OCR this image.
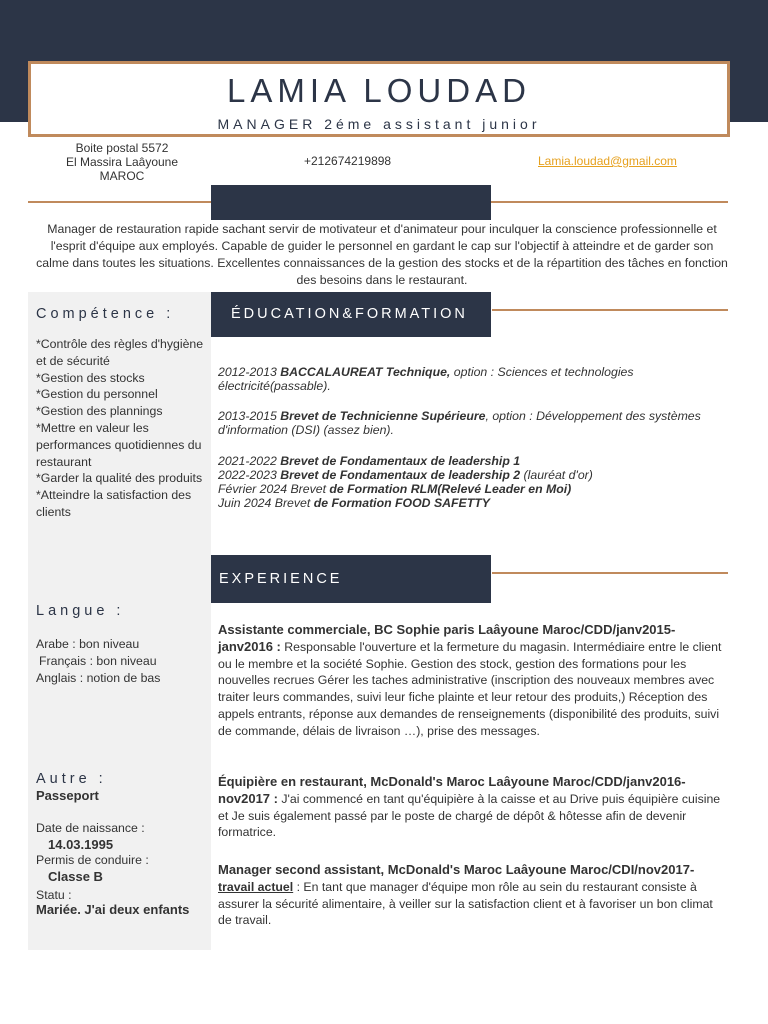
LAMIA LOUDAD
MANAGER 2éme assistant junior
Boite postal 5572
El Massira Laâyoune
MAROC
+212674219898	Lamia.loudad@gmail.com
Manager de restauration rapide sachant servir de motivateur et d'animateur pour inculquer la conscience professionnelle et l'esprit d'équipe aux employés. Capable de guider le personnel en gardant le cap sur l'objectif à atteindre et de garder son calme dans toutes les situations. Excellentes connaissances de la gestion des stocks et de la répartition des tâches en fonction des besoins dans le restaurant.
Compétence :
*Contrôle des règles d'hygiène et de sécurité
*Gestion des stocks
*Gestion du personnel
*Gestion des plannings
*Mettre en valeur les performances quotidiennes du restaurant
*Garder la qualité des produits
*Atteindre la satisfaction des clients
Langue :
Arabe : bon niveau
Français : bon niveau
Anglais : notion de bas
Autre :
Passeport
Date de naissance :
14.03.1995
Permis de conduire :
Classe B
Statu :
Mariée. J'ai deux enfants
ÉDUCATION&FORMATION
2012-2013 BACCALAUREAT Technique, option : Sciences et technologies électricité(passable).
2013-2015 Brevet de Technicienne Supérieure, option : Développement des systèmes d'information (DSI) (assez bien).
2021-2022 Brevet de Fondamentaux de leadership 1
2022-2023 Brevet de Fondamentaux de leadership 2 (lauréat d'or)
Février 2024 Brevet de Formation RLM(Relevé Leader en Moi)
Juin 2024 Brevet de Formation FOOD SAFETTY
EXPERIENCE
Assistante commerciale, BC Sophie paris Laâyoune Maroc/CDD/janv2015-janv2016 : Responsable l'ouverture et la fermeture du magasin. Intermédiaire entre le client ou le membre et la société Sophie. Gestion des stock, gestion des formations pour les nouvelles recrues Gérer les taches administrative (inscription des nouveaux membres avec traiter leurs commandes, suivi leur fiche plainte et leur retour des produits,) Réception des appels entrants, réponse aux demandes de renseignements (disponibilité des produits, suivi de commande, délais de livraison …), prise des messages.
Équipière en restaurant, McDonald's Maroc Laâyoune Maroc/CDD/janv2016-nov2017 : J'ai commencé en tant qu'équipière à la caisse et au Drive puis équipière cuisine et Je suis également passé par le poste de chargé de dépôt & hôtesse afin de devenir formatrice.
Manager second assistant, McDonald's Maroc Laâyoune Maroc/CDI/nov2017-travail actuel : En tant que manager d'équipe mon rôle au sein du restaurant consiste à assurer la sécurité alimentaire, à veiller sur la satisfaction client et à favoriser un bon climat de travail.
